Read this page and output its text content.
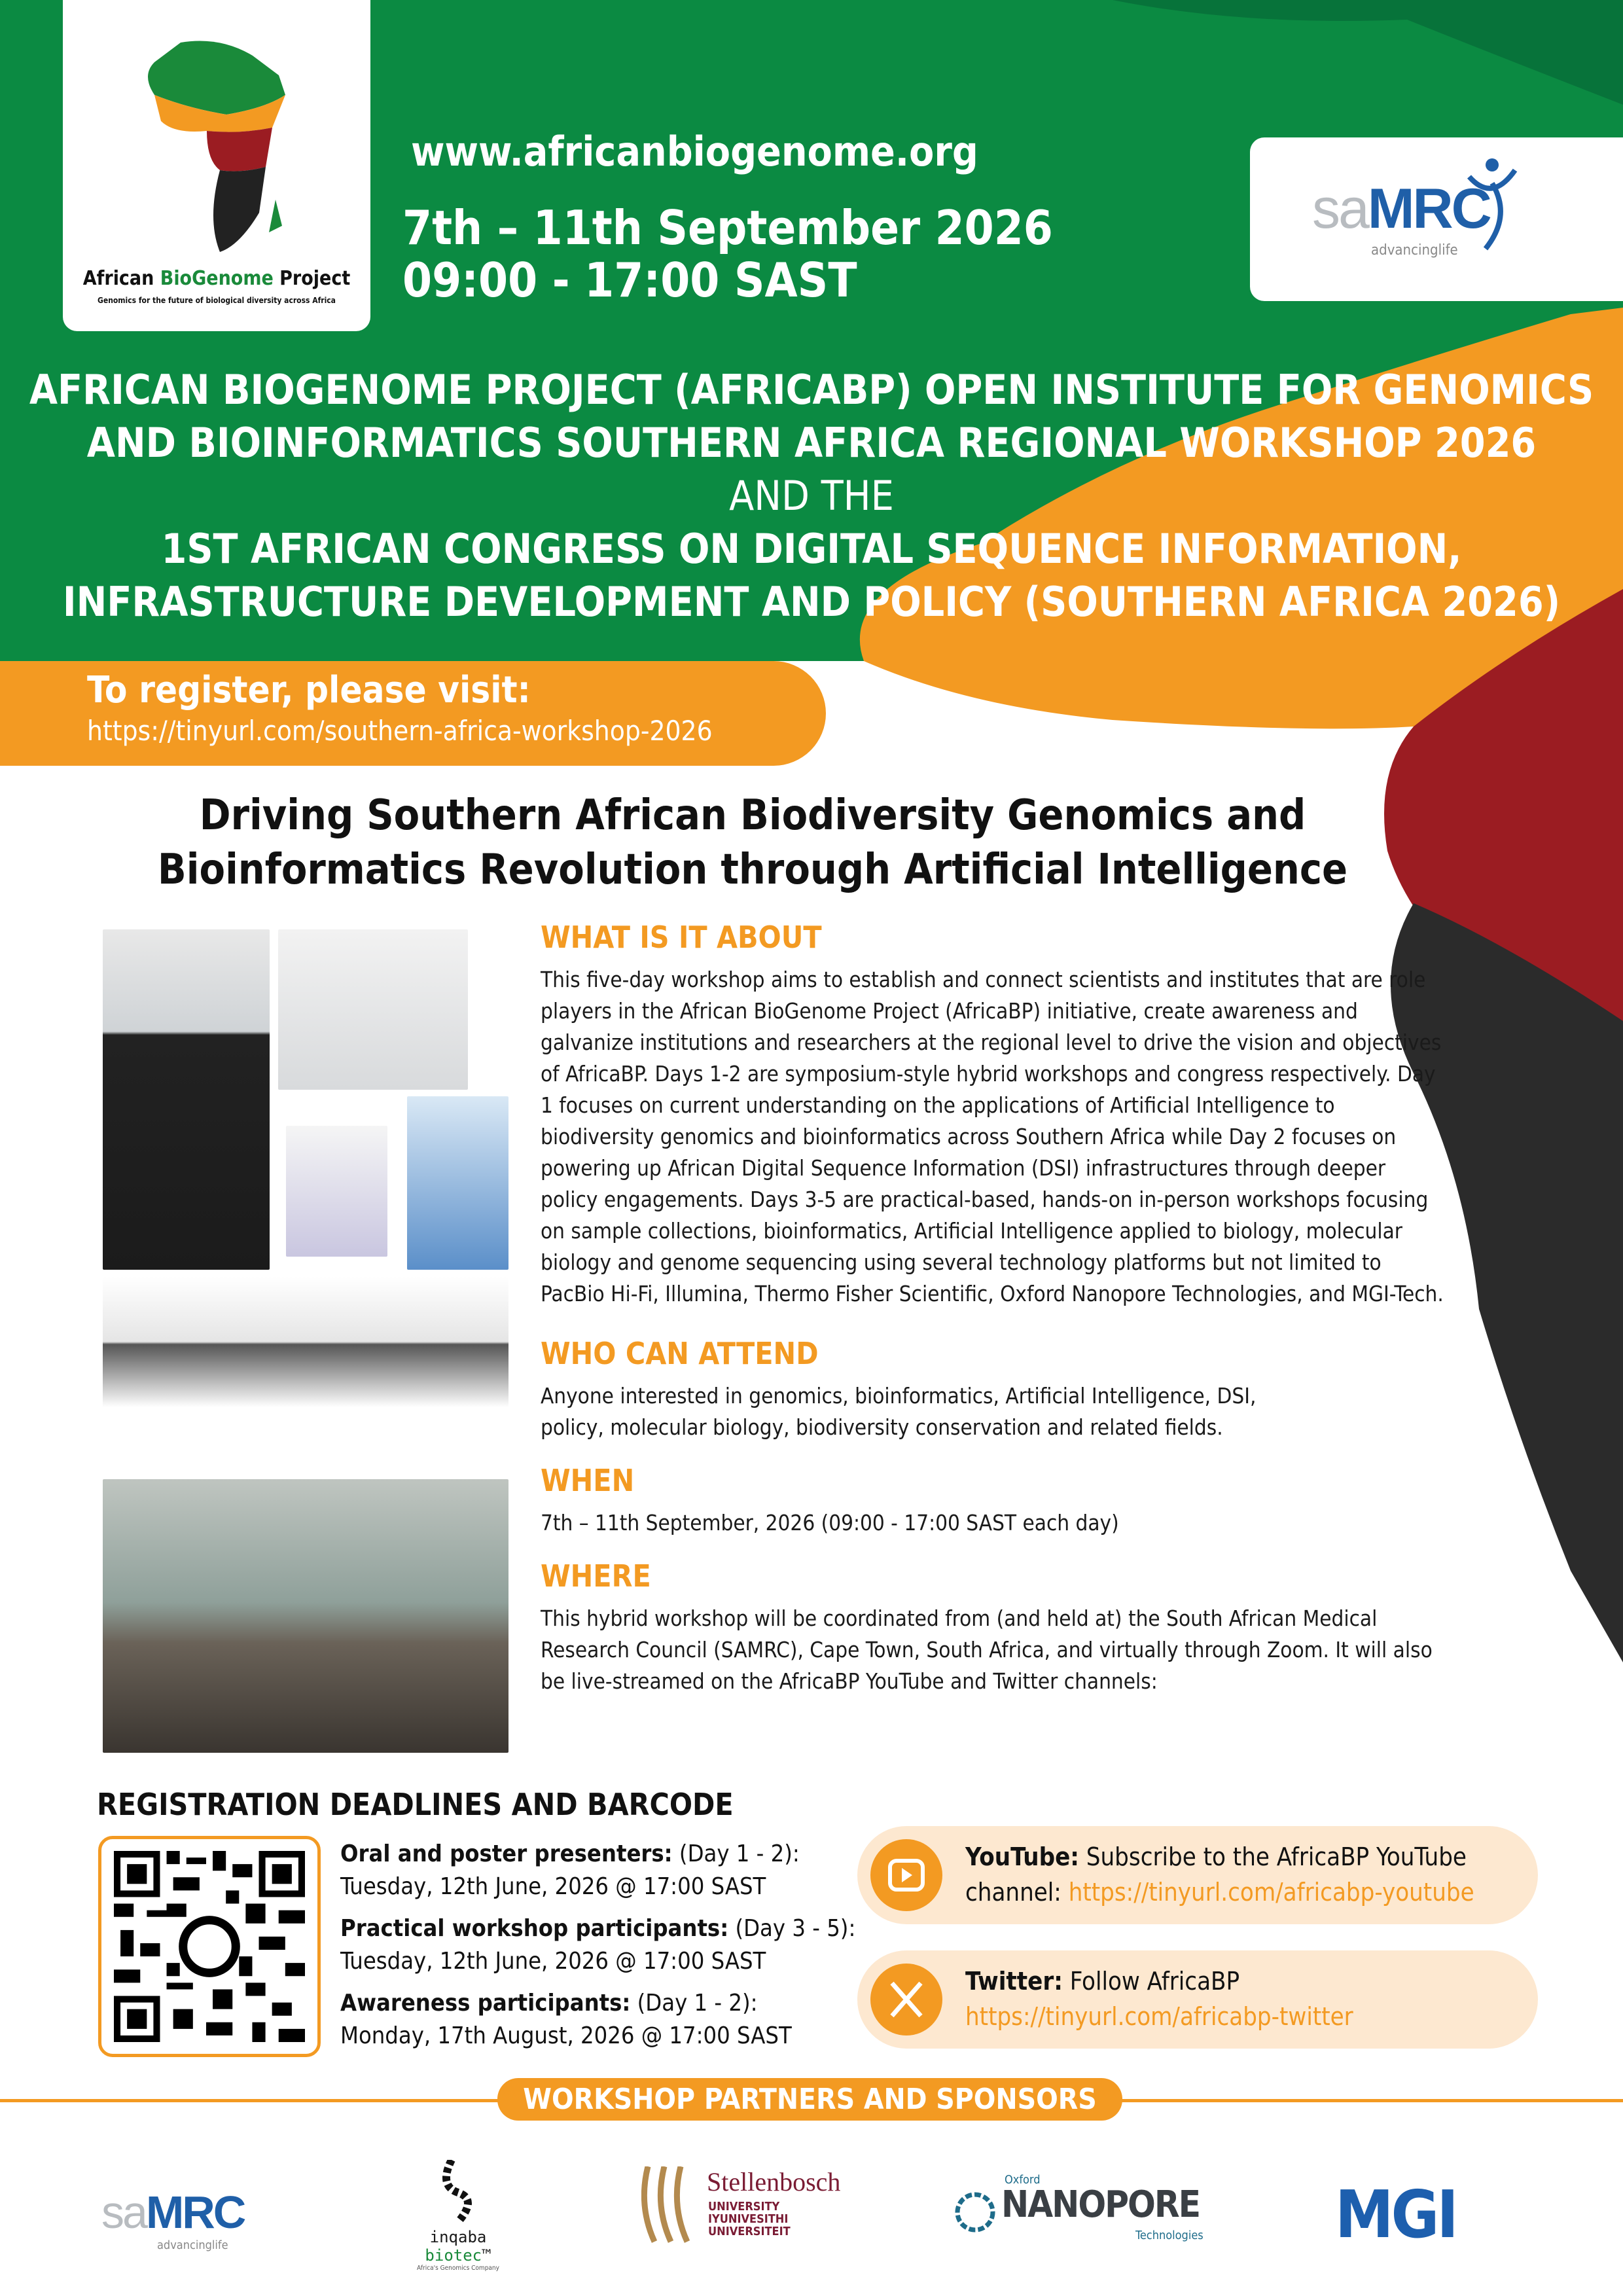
African BioGenome Project
Genomics for the future of biological diversity across Africa
www.africanbiogenome.org
7th – 11th September 2026
09:00 - 17:00 SAST
saMRC
advancinglife
AFRICAN BIOGENOME PROJECT (AFRICABP) OPEN INSTITUTE FOR GENOMICS
AND BIOINFORMATICS SOUTHERN AFRICA REGIONAL WORKSHOP 2026
AND THE
1ST AFRICAN CONGRESS ON DIGITAL SEQUENCE INFORMATION,
INFRASTRUCTURE DEVELOPMENT AND POLICY (SOUTHERN AFRICA 2026)
To register, please visit:
https://tinyurl.com/southern-africa-workshop-2026
Driving Southern African Biodiversity Genomics and
Bioinformatics Revolution through Artificial Intelligence
WHAT IS IT ABOUT
This five-day workshop aims to establish and connect scientists and institutes that are role players in the African BioGenome Project (AfricaBP) initiative, create awareness and galvanize institutions and researchers at the regional level to drive the vision and objectives of AfricaBP. Days 1-2 are symposium-style hybrid workshops and congress respectively. Day 1 focuses on current understanding on the applications of Artificial Intelligence to biodiversity genomics and bioinformatics across Southern Africa while Day 2 focuses on powering up African Digital Sequence Information (DSI) infrastructures through deeper policy engagements. Days 3-5 are practical-based, hands-on in-person workshops focusing on sample collections, bioinformatics, Artificial Intelligence applied to biology, molecular biology and genome sequencing using several technology platforms but not limited to PacBio Hi-Fi, Illumina, Thermo Fisher Scientific, Oxford Nanopore Technologies, and MGI-Tech.
WHO CAN ATTEND
Anyone interested in genomics, bioinformatics, Artificial Intelligence, DSI, policy, molecular biology, biodiversity conservation and related fields.
WHEN
7th – 11th September, 2026 (09:00 - 17:00 SAST each day)
WHERE
This hybrid workshop will be coordinated from (and held at) the South African Medical Research Council (SAMRC), Cape Town, South Africa, and virtually through Zoom. It will also be live-streamed on the AfricaBP YouTube and Twitter channels:
REGISTRATION DEADLINES AND BARCODE
Oral and poster presenters: (Day 1 - 2):
Tuesday, 12th June, 2026 @ 17:00 SAST
Practical workshop participants: (Day 3 - 5):
Tuesday, 12th June, 2026 @ 17:00 SAST
Awareness participants: (Day 1 - 2):
Monday, 17th August, 2026 @ 17:00 SAST
YouTube: Subscribe to the AfricaBP YouTube channel: https://tinyurl.com/africabp-youtube
Twitter: Follow AfricaBP
https://tinyurl.com/africabp-twitter
WORKSHOP PARTNERS AND SPONSORS
saMRC
advancinglife	inqaba biotec™
Africa's Genomics Company
Stellenbosch
UNIVERSITY
IYUNIVESITHI
UNIVERSITEIT
Oxford
NANOPORE
Technologies MGI
